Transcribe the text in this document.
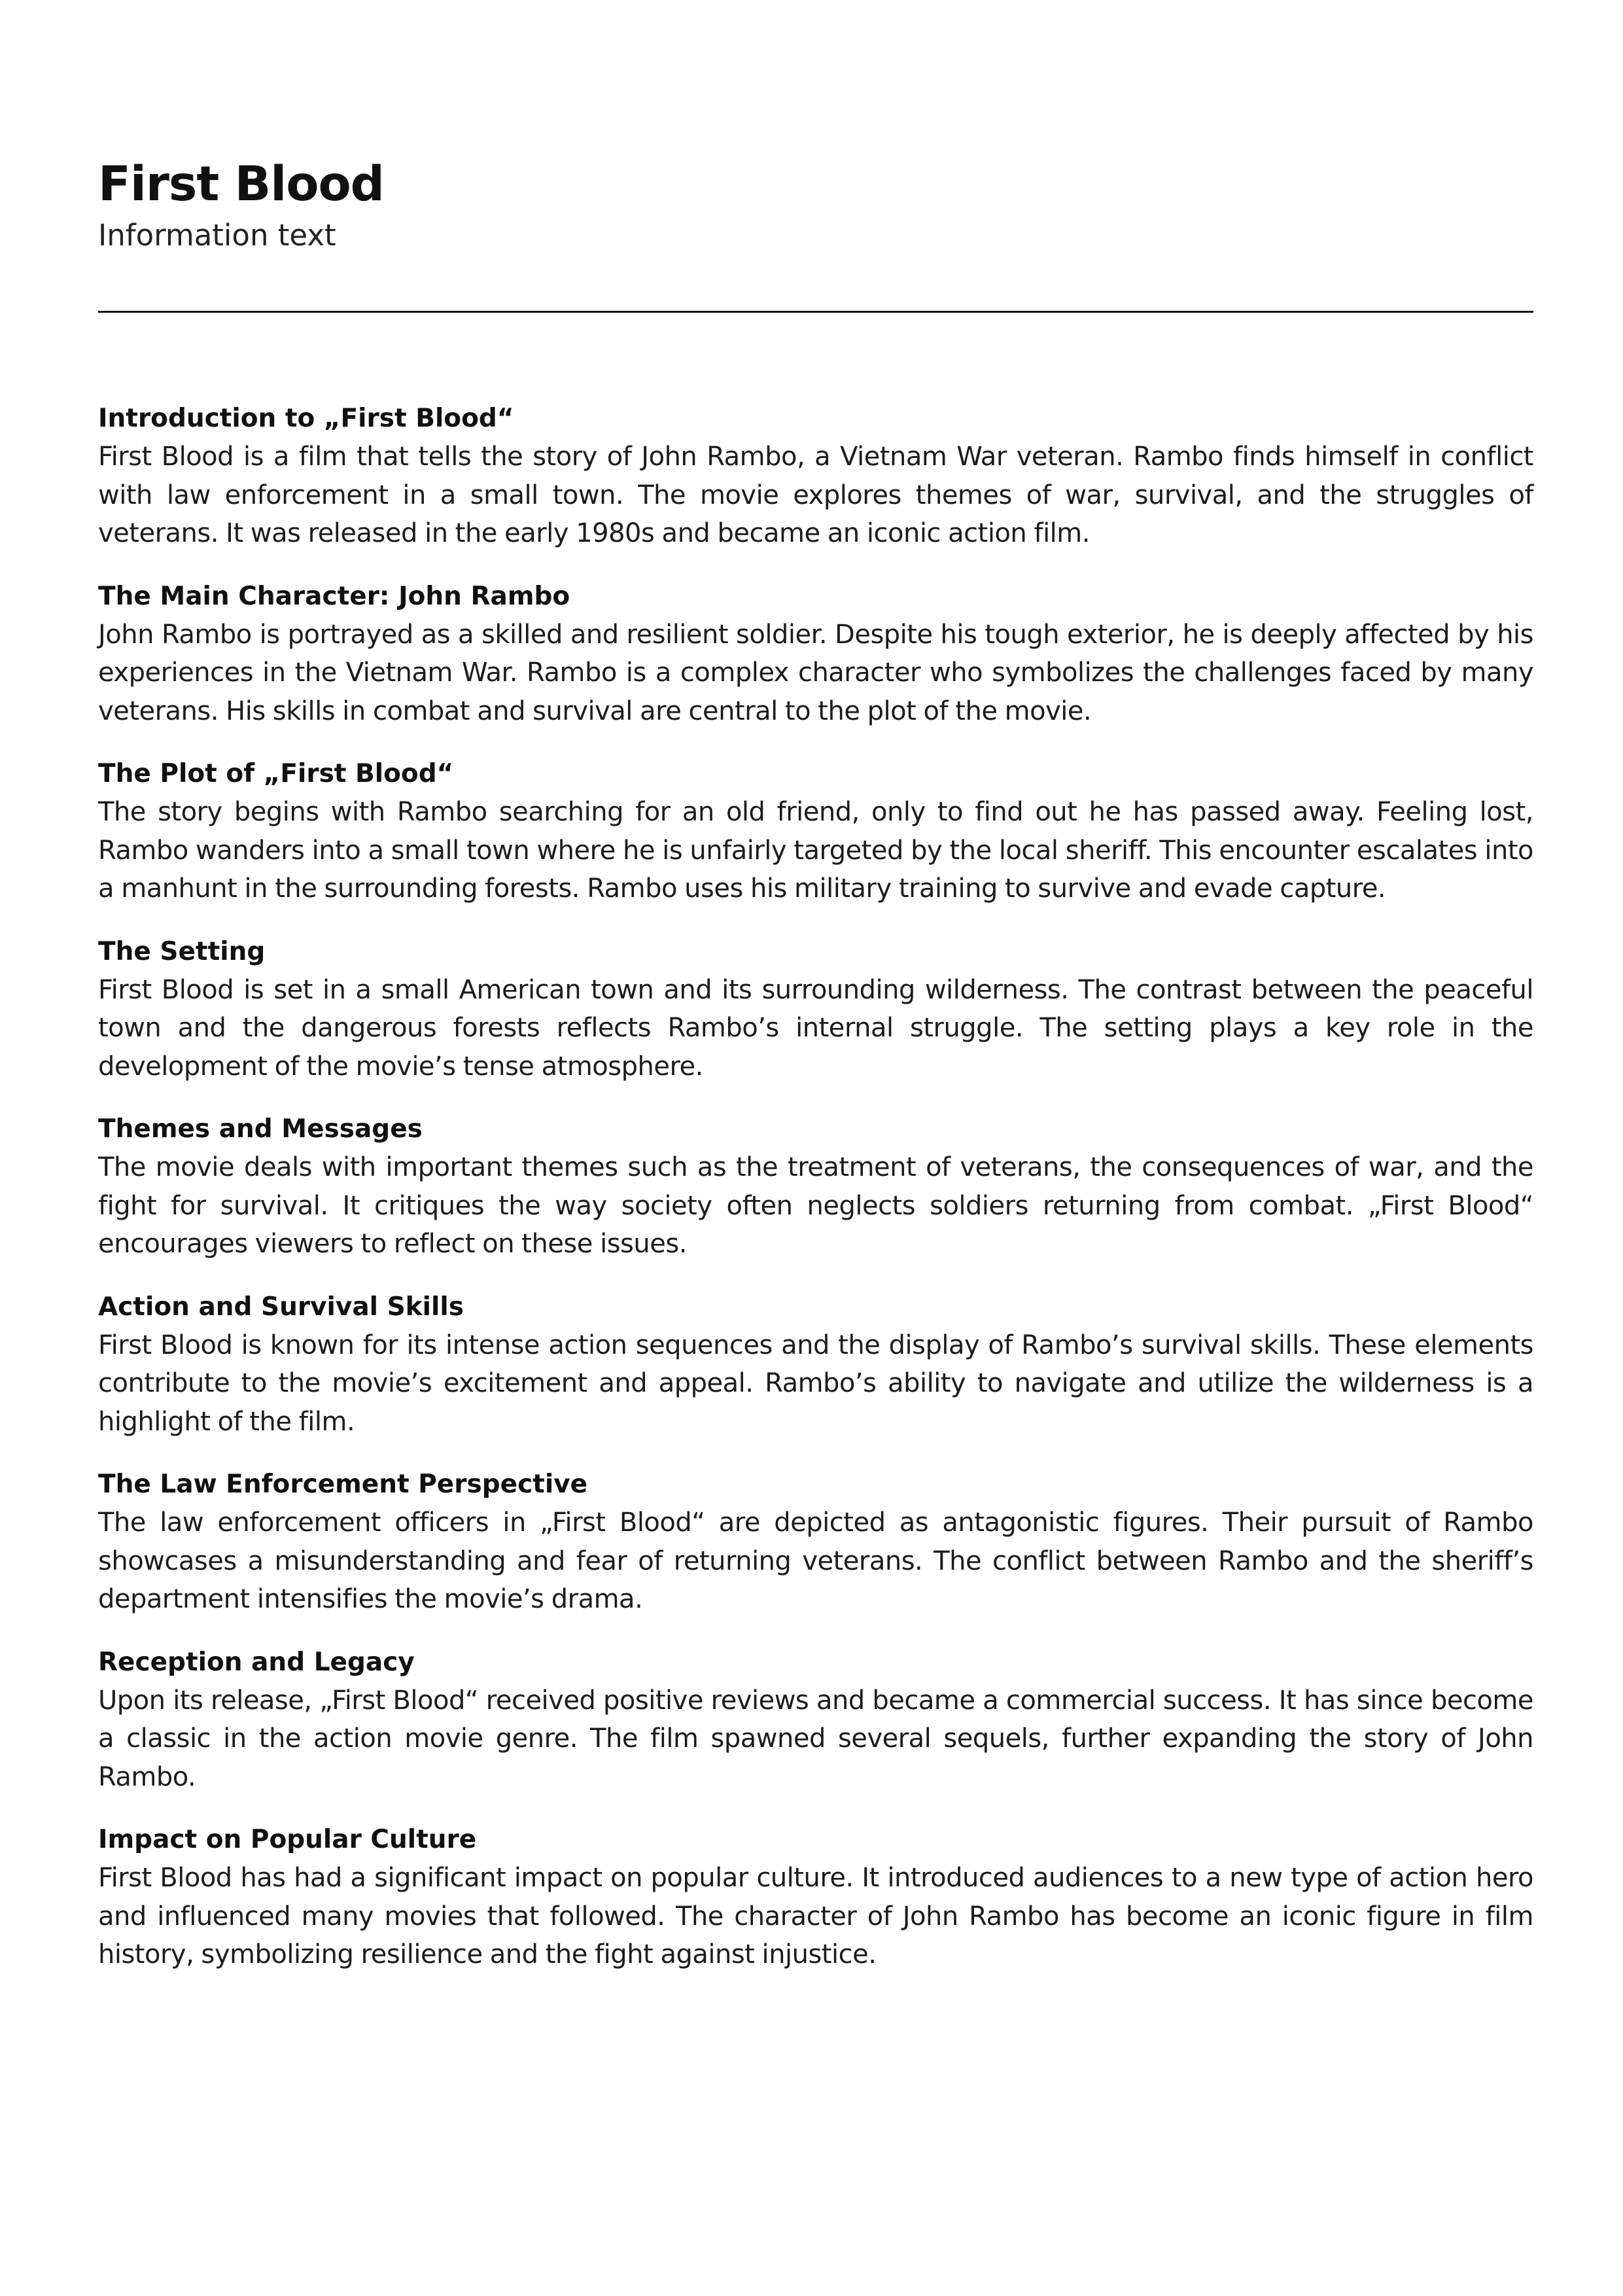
First Blood
Information text
Introduction to „First Blood“
First Blood is a film that tells the story of John Rambo, a Vietnam War veteran. Rambo finds himself in conflict with law enforcement in a small town. The movie explores themes of war, survival, and the struggles of veterans. It was released in the early 1980s and became an iconic action film.
The Main Character: John Rambo
John Rambo is portrayed as a skilled and resilient soldier. Despite his tough exterior, he is deeply affected by his experiences in the Vietnam War. Rambo is a complex character who symbolizes the challenges faced by many veterans. His skills in combat and survival are central to the plot of the movie.
The Plot of „First Blood“
The story begins with Rambo searching for an old friend, only to find out he has passed away. Feeling lost, Rambo wanders into a small town where he is unfairly targeted by the local sheriff. This encounter escalates into a manhunt in the surrounding forests. Rambo uses his military training to survive and evade capture.
The Setting
First Blood is set in a small American town and its surrounding wilderness. The contrast between the peaceful town and the dangerous forests reflects Rambo’s internal struggle. The setting plays a key role in the development of the movie’s tense atmosphere.
Themes and Messages
The movie deals with important themes such as the treatment of veterans, the consequences of war, and the fight for survival. It critiques the way society often neglects soldiers returning from combat. „First Blood“ encourages viewers to reflect on these issues.
Action and Survival Skills
First Blood is known for its intense action sequences and the display of Rambo’s survival skills. These elements contribute to the movie’s excitement and appeal. Rambo’s ability to navigate and utilize the wilderness is a highlight of the film.
The Law Enforcement Perspective
The law enforcement officers in „First Blood“ are depicted as antagonistic figures. Their pursuit of Rambo showcases a misunderstanding and fear of returning veterans. The conflict between Rambo and the sheriff’s department intensifies the movie’s drama.
Reception and Legacy
Upon its release, „First Blood“ received positive reviews and became a commercial success. It has since become a classic in the action movie genre. The film spawned several sequels, further expanding the story of John Rambo.
Impact on Popular Culture
First Blood has had a significant impact on popular culture. It introduced audiences to a new type of action hero and influenced many movies that followed. The character of John Rambo has become an iconic figure in film history, symbolizing resilience and the fight against injustice.
